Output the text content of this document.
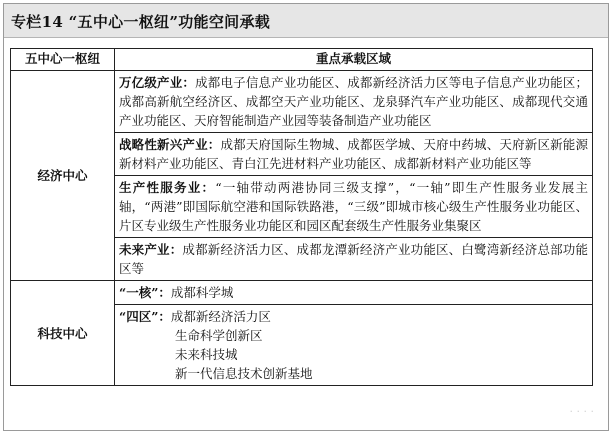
专栏14 “五中心一枢纽”功能空间承载
五中心一枢纽	重点承载区域
经济中心	万亿级产业：成都电子信息产业功能区、成都新经济活力区等电子信息产业功能区；成都高新航空经济区、成都空天产业功能区、龙泉驿汽车产业功能区、成都现代交通产业功能区、天府智能制造产业园等装备制造产业功能区
	战略性新兴产业：成都天府国际生物城、成都医学城、天府中药城、天府新区新能源新材料产业功能区、青白江先进材料产业功能区、成都新材料产业功能区等
	生产性服务业：“一轴带动两港协同三级支撑”，“一轴”即生产性服务业发展主轴，“两港”即国际航空港和国际铁路港，“三级”即城市核心级生产性服务业功能区、片区专业级生产性服务业功能区和园区配套级生产性服务业集聚区
	未来产业：成都新经济活力区、成都龙潭新经济产业功能区、白鹭湾新经济总部功能区等
科技中心	“一核”：成都科学城
	“四区”：成都新经济活力区
生命科学创新区
未来科技城
新一代信息技术创新基地
· · · ·
